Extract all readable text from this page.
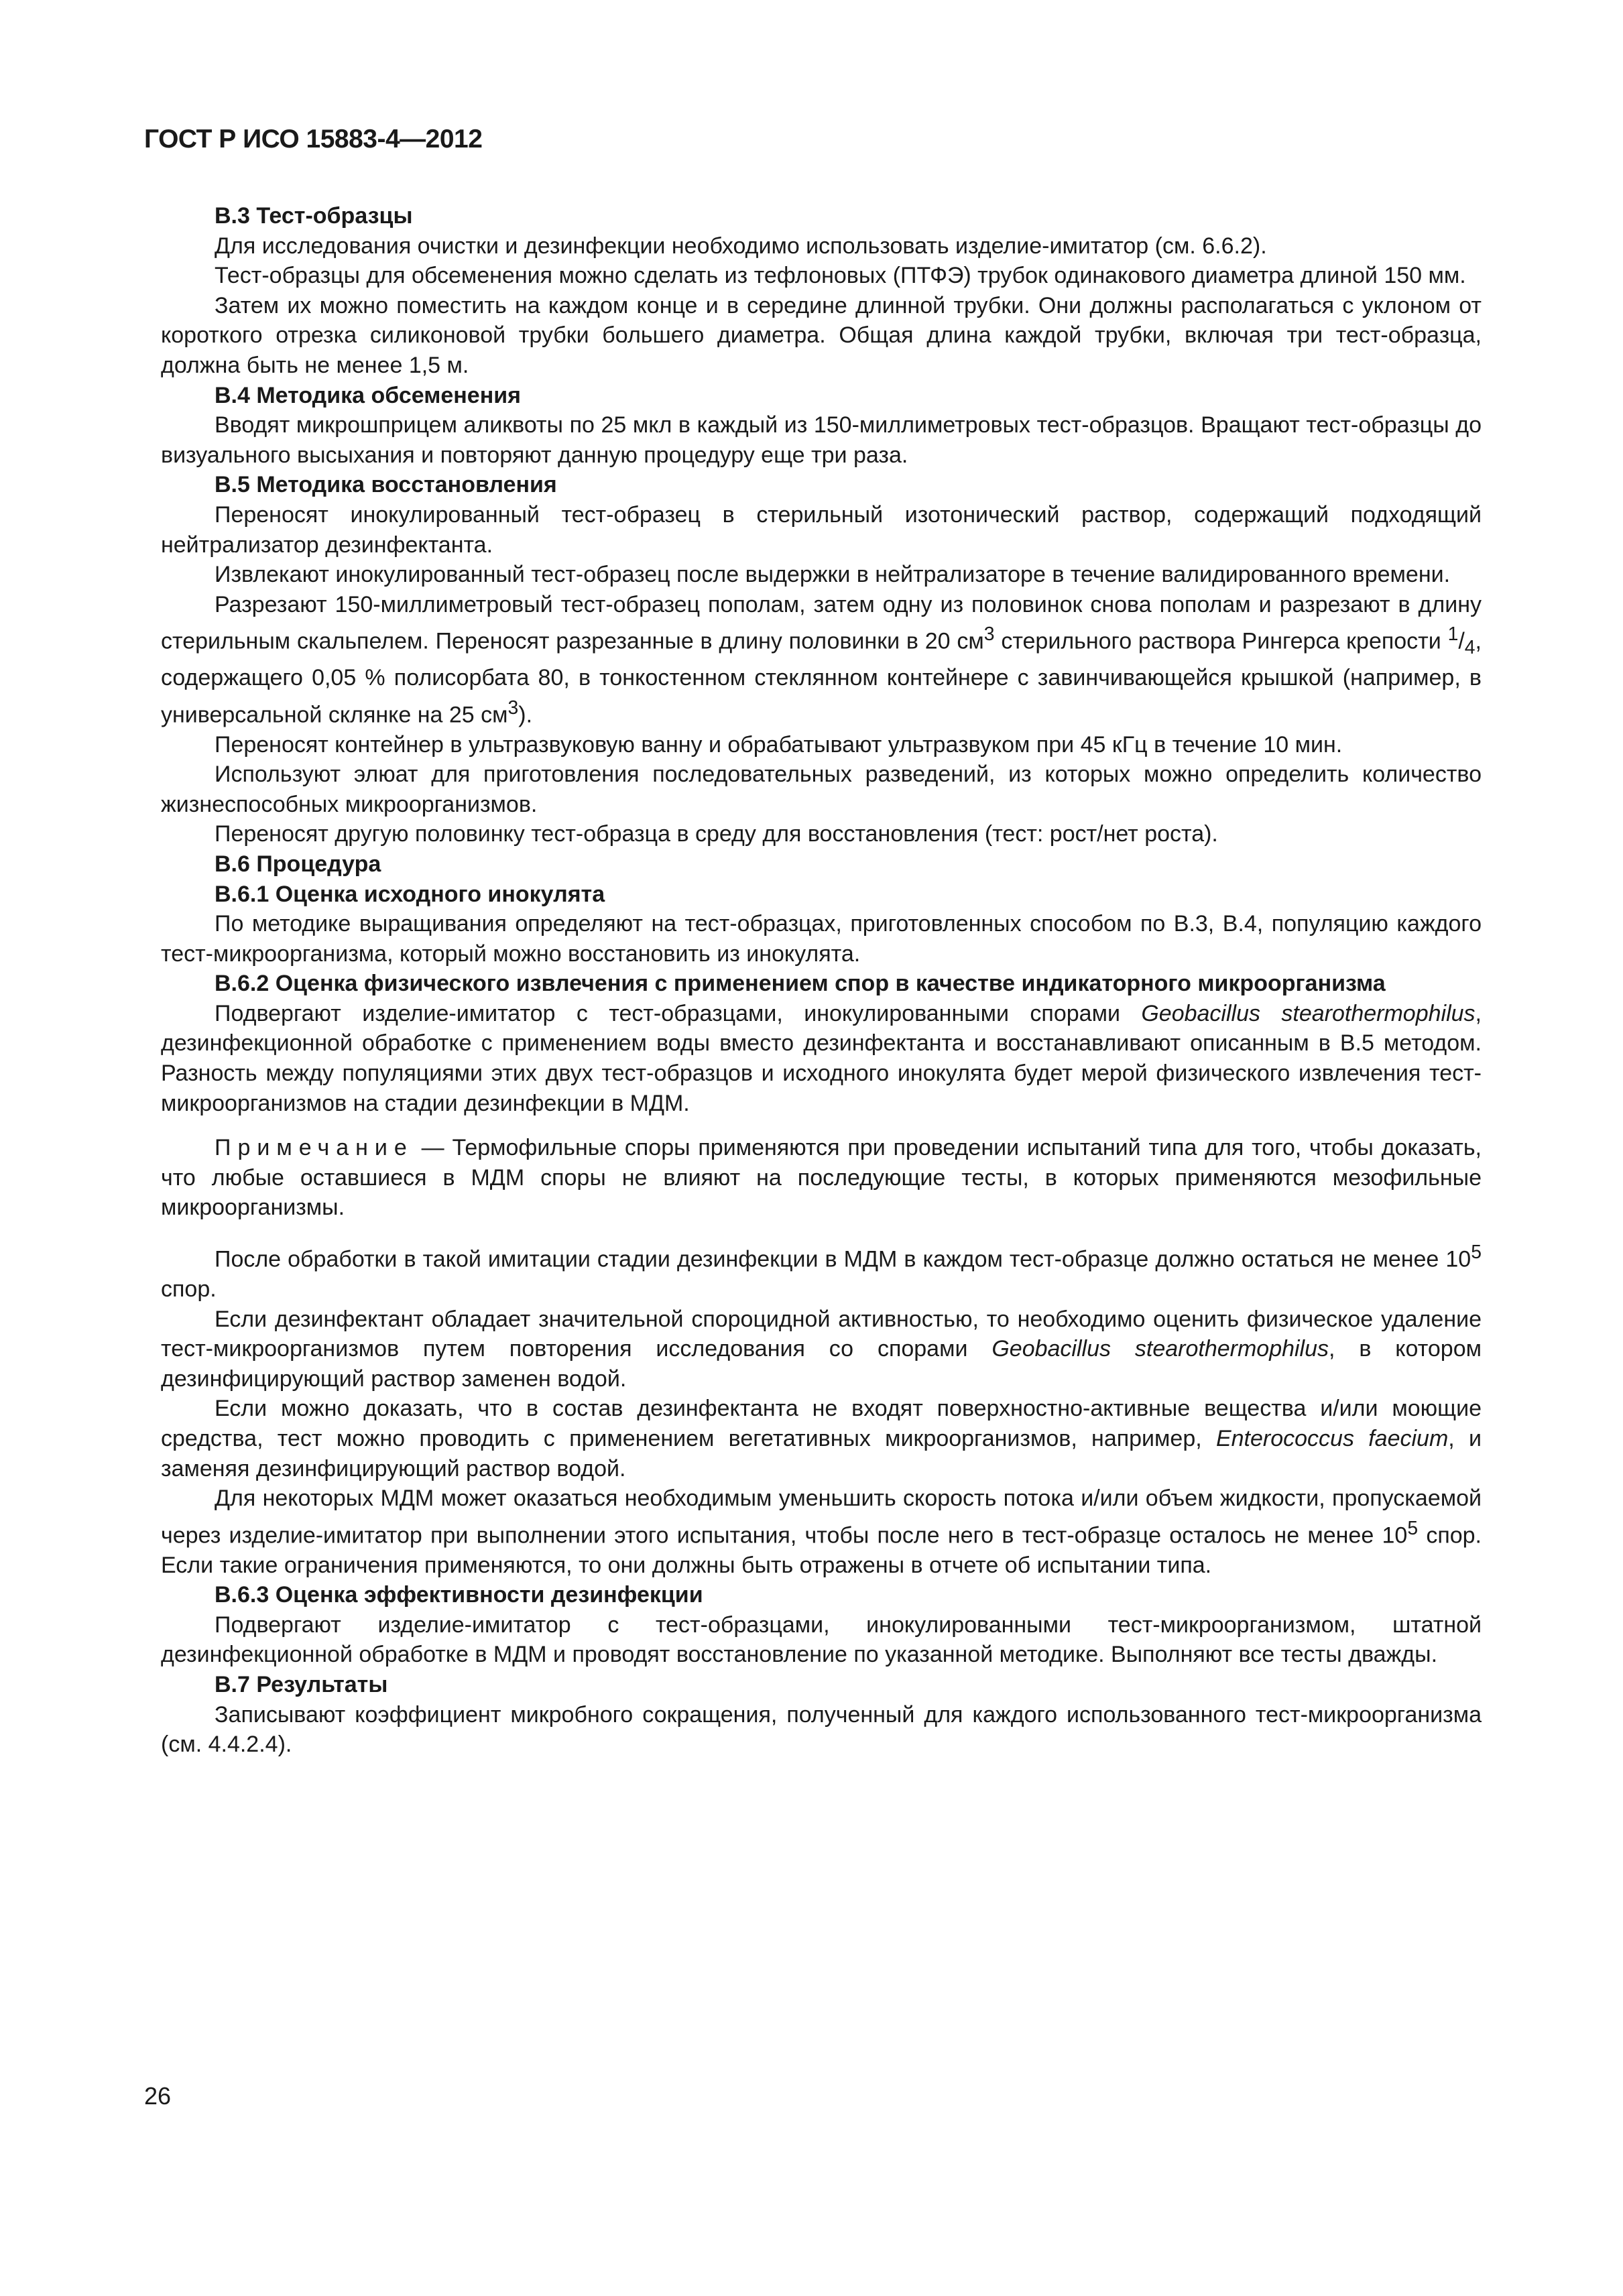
ГОСТ Р ИСО 15883-4—2012
B.3 Тест-образцы

Для исследования очистки и дезинфекции необходимо использовать изделие-имитатор (см. 6.6.2).

Тест-образцы для обсеменения можно сделать из тефлоновых (ПТФЭ) трубок одинакового диаметра длиной 150 мм.

Затем их можно поместить на каждом конце и в середине длинной трубки. Они должны располагаться с уклоном от короткого отрезка силиконовой трубки большего диаметра. Общая длина каждой трубки, включая три тест-образца, должна быть не менее 1,5 м.

B.4 Методика обсеменения

Вводят микрошприцем аликвоты по 25 мкл в каждый из 150-миллиметровых тест-образцов. Вращают тест-образцы до визуального высыхания и повторяют данную процедуру еще три раза.

B.5 Методика восстановления

Переносят инокулированный тест-образец в стерильный изотонический раствор, содержащий подходящий нейтрализатор дезинфектанта.

Извлекают инокулированный тест-образец после выдержки в нейтрализаторе в течение валидированного времени.

Разрезают 150-миллиметровый тест-образец пополам, затем одну из половинок снова пополам и разрезают в длину стерильным скальпелем. Переносят разрезанные в длину половинки в 20 $см^3$ стерильного раствора Рингерса крепости $^1/_4$, содержащего 0,05 % полисорбата 80, в тонкостенном стеклянном контейнере с завинчивающейся крышкой (например, в универсальной склянке на 25 $см^3$).

Переносят контейнер в ультразвуковую ванну и обрабатывают ультразвуком при 45 кГц в течение 10 мин.

Используют элюат для приготовления последовательных разведений, из которых можно определить количество жизнеспособных микроорганизмов.

Переносят другую половинку тест-образца в среду для восстановления (тест: рост/нет роста).

B.6 Процедура
B.6.1 Оценка исходного инокулята

По методике выращивания определяют на тест-образцах, приготовленных способом по B.3, B.4, популяцию каждого тест-микроорганизма, который можно восстановить из инокулята.

B.6.2 Оценка физического извлечения с применением спор в качестве индикаторного микроорганизма

Подвергают изделие-имитатор с тест-образцами, инокулированными спорами Geobacillus stearothermophilus, дезинфекционной обработке с применением воды вместо дезинфектанта и восстанавливают описанным в B.5 методом. Разность между популяциями этих двух тест-образцов и исходного инокулята будет мерой физического извлечения тест-микроорганизмов на стадии дезинфекции в МДМ.

Примечание — Термофильные споры применяются при проведении испытаний типа для того, чтобы доказать, что любые оставшиеся в МДМ споры не влияют на последующие тесты, в которых применяются мезофильные микроорганизмы.

После обработки в такой имитации стадии дезинфекции в МДМ в каждом тест-образце должно остаться не менее $10^5$ спор.

Если дезинфектант обладает значительной спороцидной активностью, то необходимо оценить физическое удаление тест-микроорганизмов путем повторения исследования со спорами Geobacillus stearothermophilus, в котором дезинфицирующий раствор заменен водой.

Если можно доказать, что в состав дезинфектанта не входят поверхностно-активные вещества и/или моющие средства, тест можно проводить с применением вегетативных микроорганизмов, например, Enterococcus faecium, и заменяя дезинфицирующий раствор водой.

Для некоторых МДМ может оказаться необходимым уменьшить скорость потока и/или объем жидкости, пропускаемой через изделие-имитатор при выполнении этого испытания, чтобы после него в тест-образце осталось не менее $10^5$ спор. Если такие ограничения применяются, то они должны быть отражены в отчете об испытании типа.

B.6.3 Оценка эффективности дезинфекции

Подвергают изделие-имитатор с тест-образцами, инокулированными тест-микроорганизмом, штатной дезинфекционной обработке в МДМ и проводят восстановление по указанной методике. Выполняют все тесты дважды.

B.7 Результаты

Записывают коэффициент микробного сокращения, полученный для каждого использованного тест-микроорганизма (см. 4.4.2.4).

26
